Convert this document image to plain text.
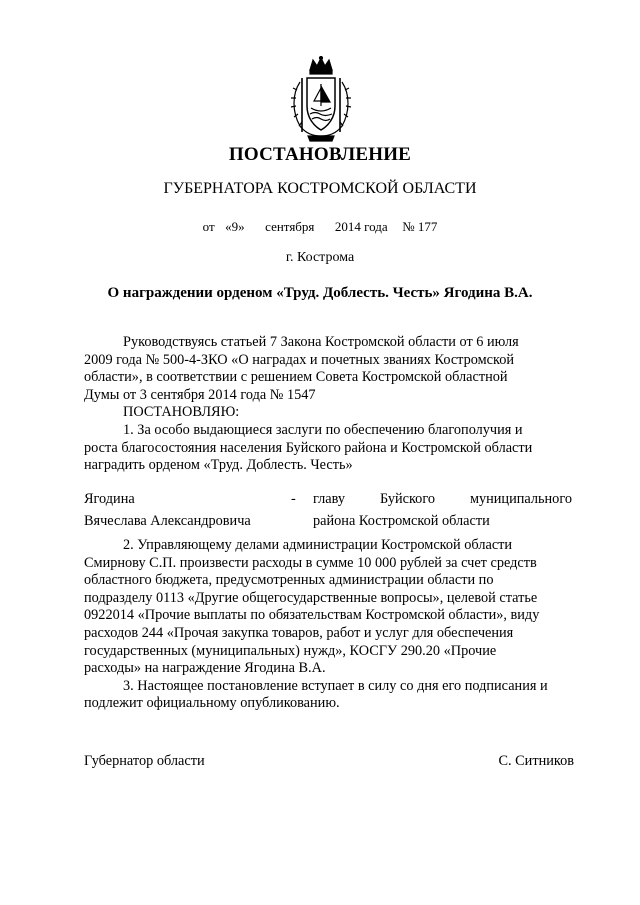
ПОСТАНОВЛЕНИЕ
ГУБЕРНАТОРА КОСТРОМСКОЙ ОБЛАСТИ
от «9» сентября 2014 года № 177
г. Кострома
О награждении орденом «Труд. Доблесть. Честь» Ягодина В.А.
Руководствуясь статьей 7 Закона Костромской области от 6 июля
2009 года № 500-4-ЗКО «О наградах и почетных званиях Костромской
области», в соответствии с решением Совета Костромской областной
Думы от 3 сентября 2014 года № 1547
ПОСТАНОВЛЯЮ:
1. За особо выдающиеся заслуги по обеспечению благополучия и
роста благосостояния населения Буйского района и Костромской области
наградить орденом «Труд. Доблесть. Честь»
Ягодина
Вячеслава Александровича
- главу Буйского муниципального
района Костромской области
2. Управляющему делами администрации Костромской области
Смирнову С.П. произвести расходы в сумме 10 000 рублей за счет средств
областного бюджета, предусмотренных администрации области по
подразделу 0113 «Другие общегосударственные вопросы», целевой статье
0922014 «Прочие выплаты по обязательствам Костромской области», виду
расходов 244 «Прочая закупка товаров, работ и услуг для обеспечения
государственных (муниципальных) нужд», КОСГУ 290.20 «Прочие
расходы» на награждение Ягодина В.А.
3. Настоящее постановление вступает в силу со дня его подписания и
подлежит официальному опубликованию.
Губернатор области	С. Ситников
